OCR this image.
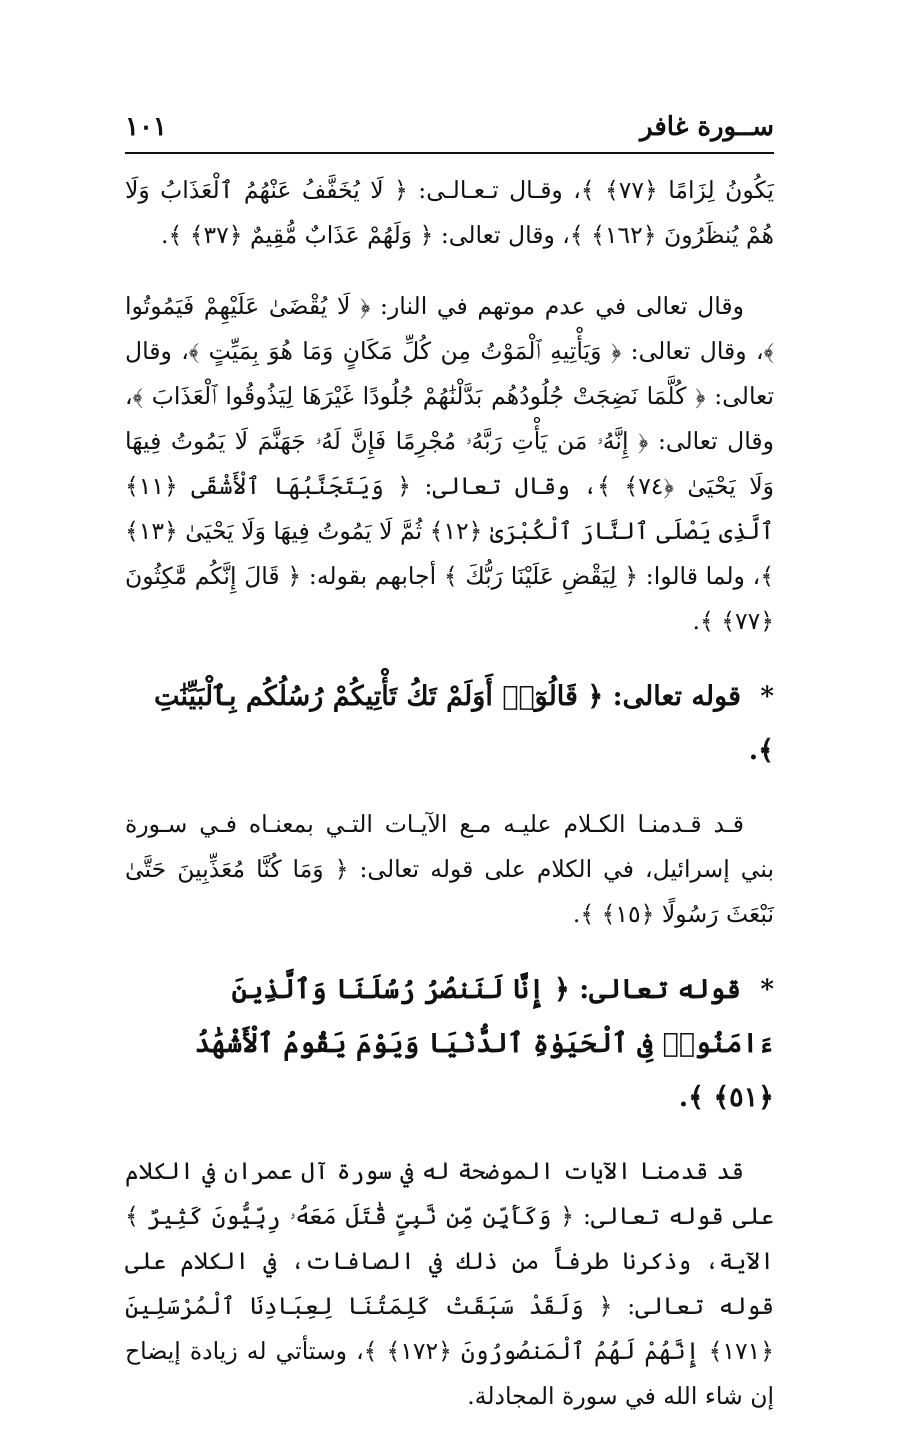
ســورة غافر
١٠١

يَكُونُ لِزَامًا ﴿٧٧﴾ ﴾، وقـال تـعـالـى: ﴿ لَا يُخَفَّفُ عَنْهُمُ ٱلْعَذَابُ وَلَا هُمْ يُنظَرُونَ ﴿١٦٢﴾ ﴾، وقال تعالى: ﴿ وَلَهُمْ عَذَابٌ مُّقِيمٌ ﴿٣٧﴾ ﴾.

وقال تعالى في عدم موتهم في النار: ﴿ لَا يُقْضَىٰ عَلَيْهِمْ فَيَمُوتُوا ﴾، وقال تعالى: ﴿ وَيَأْتِيهِ ٱلْمَوْتُ مِن كُلِّ مَكَانٍ وَمَا هُوَ بِمَيِّتٍ ﴾، وقال تعالى: ﴿ كُلَّمَا نَضِجَتْ جُلُودُهُم بَدَّلْنَٰهُمْ جُلُودًا غَيْرَهَا لِيَذُوقُوا ٱلْعَذَابَ ﴾، وقال تعالى: ﴿ إِنَّهُۥ مَن يَأْتِ رَبَّهُۥ مُجْرِمًا فَإِنَّ لَهُۥ جَهَنَّمَ لَا يَمُوتُ فِيهَا وَلَا يَحْيَىٰ ﴿٧٤﴾ ﴾، وقال تعالى: ﴿ وَيَتَجَنَّبُهَا ٱلْأَشْقَى ﴿١١﴾ ٱلَّذِى يَصْلَى ٱلنَّارَ ٱلْكُبْرَىٰ ﴿١٢﴾ ثُمَّ لَا يَمُوتُ فِيهَا وَلَا يَحْيَىٰ ﴿١٣﴾ ﴾، ولما قالوا: ﴿ لِيَقْضِ عَلَيْنَا رَبُّكَ ﴾ أجابهم بقوله: ﴿ قَالَ إِنَّكُم مَّٰكِثُونَ ﴿٧٧﴾ ﴾.

* قوله تعالى: ﴿ قَالُوٓا۟ أَوَلَمْ تَكُ تَأْتِيكُمْ رُسُلُكُم بِٱلْبَيِّنَٰتِ ﴾.

قـد قـدمنـا الكـلام عليـه مـع الآيـات التـي بمعنـاه فـي سـورة بني إسرائيل، في الكلام على قوله تعالى: ﴿ وَمَا كُنَّا مُعَذِّبِينَ حَتَّىٰ نَبْعَثَ رَسُولًا ﴿١٥﴾ ﴾.

* قوله تعالى: ﴿ إِنَّا لَنَنصُرُ رُسُلَنَا وَٱلَّذِينَ ءَامَنُوا۟ فِى ٱلْحَيَوٰةِ ٱلدُّنْيَا وَيَوْمَ يَقُومُ ٱلْأَشْهَٰدُ ﴿٥١﴾ ﴾.

قد قدمنا الآيات الموضحة له في سورة آل عمران في الكلام على قوله تعالى: ﴿ وَكَأَيِّن مِّن نَّبِىٍّ قَٰتَلَ مَعَهُۥ رِبِّيُّونَ كَثِيرٌ ﴾ الآية، وذكرنا طرفاً من ذلك في الصافات، في الكلام على قوله تعالى: ﴿ وَلَقَدْ سَبَقَتْ كَلِمَتُنَا لِعِبَادِنَا ٱلْمُرْسَلِينَ ﴿١٧١﴾ إِنَّهُمْ لَهُمُ ٱلْمَنصُورُونَ ﴿١٧٢﴾ ﴾، وستأتي له زيادة إيضاح إن شاء الله في سورة المجادلة.
